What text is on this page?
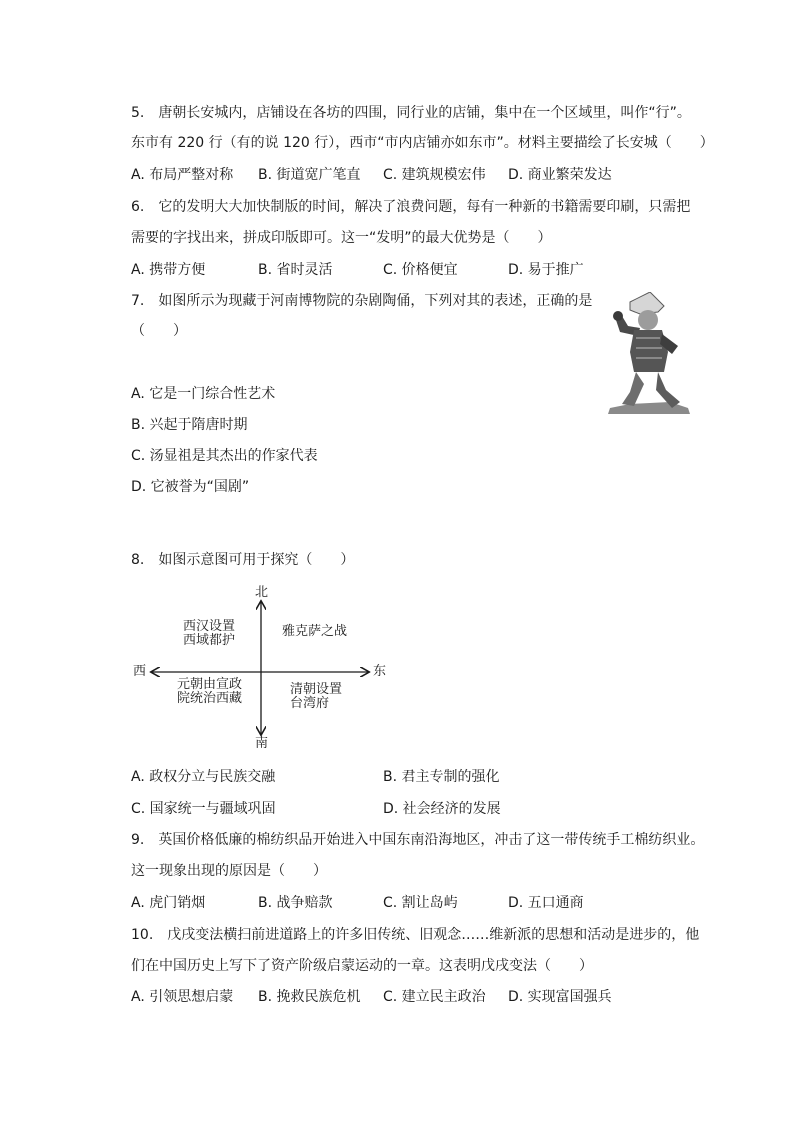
5.　唐朝长安城内，店铺设在各坊的四围，同行业的店铺，集中在一个区域里，叫作“行”。
东市有 220 行（有的说 120 行），西市“市内店铺亦如东市”。材料主要描绘了长安城（　　）
A. 布局严整对称 B. 街道宽广笔直 C. 建筑规模宏伟 D. 商业繁荣发达
6.　它的发明大大加快制版的时间，解决了浪费问题，每有一种新的书籍需要印刷，只需把
需要的字找出来，拼成印版即可。这一“发明”的最大优势是（　　）
A. 携带方便	B. 省时灵活	C. 价格便宜	D. 易于推广
7.　如图所示为现藏于河南博物院的杂剧陶俑，下列对其的表述，正确的是
（　　）
A. 它是一门综合性艺术
B. 兴起于隋唐时期
C. 汤显祖是其杰出的作家代表
D. 它被誉为“国剧”
8.　如图示意图可用于探究（　　）
北
南
西	东
西汉设置
西域都护
雅克萨之战
元朝由宣政
院统治西藏
清朝设置
台湾府
A. 政权分立与民族交融	B. 君主专制的强化
C. 国家统一与疆域巩固	D. 社会经济的发展
9.　英国价格低廉的棉纺织品开始进入中国东南沿海地区，冲击了这一带传统手工棉纺织业。
这一现象出现的原因是（　　）
A. 虎门销烟	B. 战争赔款	C. 割让岛屿	D. 五口通商
10.　戊戌变法横扫前进道路上的许多旧传统、旧观念……维新派的思想和活动是进步的，他
们在中国历史上写下了资产阶级启蒙运动的一章。这表明戊戌变法（　　）
A. 引领思想启蒙 B. 挽救民族危机 C. 建立民主政治 D. 实现富国强兵
